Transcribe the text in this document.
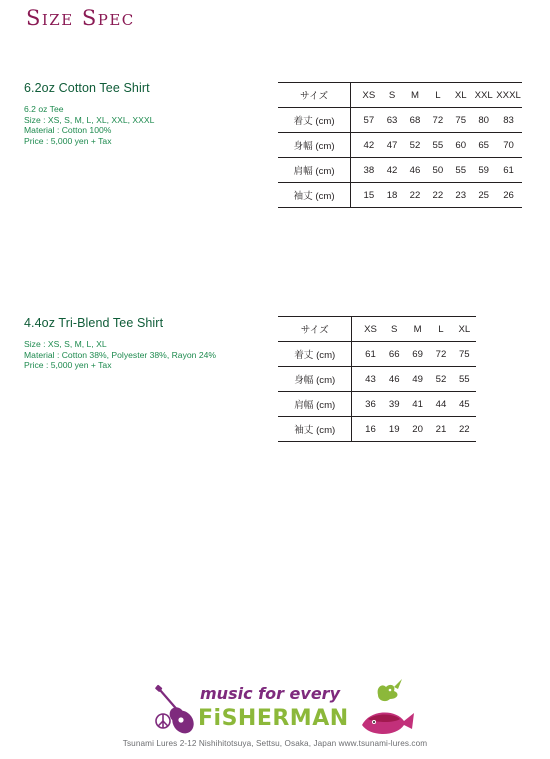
Size Spec
6.2oz Cotton Tee Shirt
6.2 oz Tee
Size : XS, S, M, L, XL, XXL, XXXL
Material : Cotton 100%
Price : 5,000 yen + Tax
サイズ	XS	S	M	L	XL	XXL	XXXL
着丈 (cm)	57	63	68	72	75	80	83
身幅 (cm)	42	47	52	55	60	65	70
肩幅 (cm)	38	42	46	50	55	59	61
袖丈 (cm)	15	18	22	22	23	25	26
4.4oz Tri-Blend Tee Shirt
Size : XS, S, M, L, XL
Material : Cotton 38%, Polyester 38%, Rayon 24%
Price : 5,000 yen + Tax
サイズ	XS	S	M	L	XL
着丈 (cm)	61	66	69	72	75
身幅 (cm)	43	46	49	52	55
肩幅 (cm)	36	39	41	44	45
袖丈 (cm)	16	19	20	21	22
music for every
FiSHERMAN
Tsunami Lures 2-12 Nishihitotsuya, Settsu, Osaka, Japan www.tsunami-lures.com
